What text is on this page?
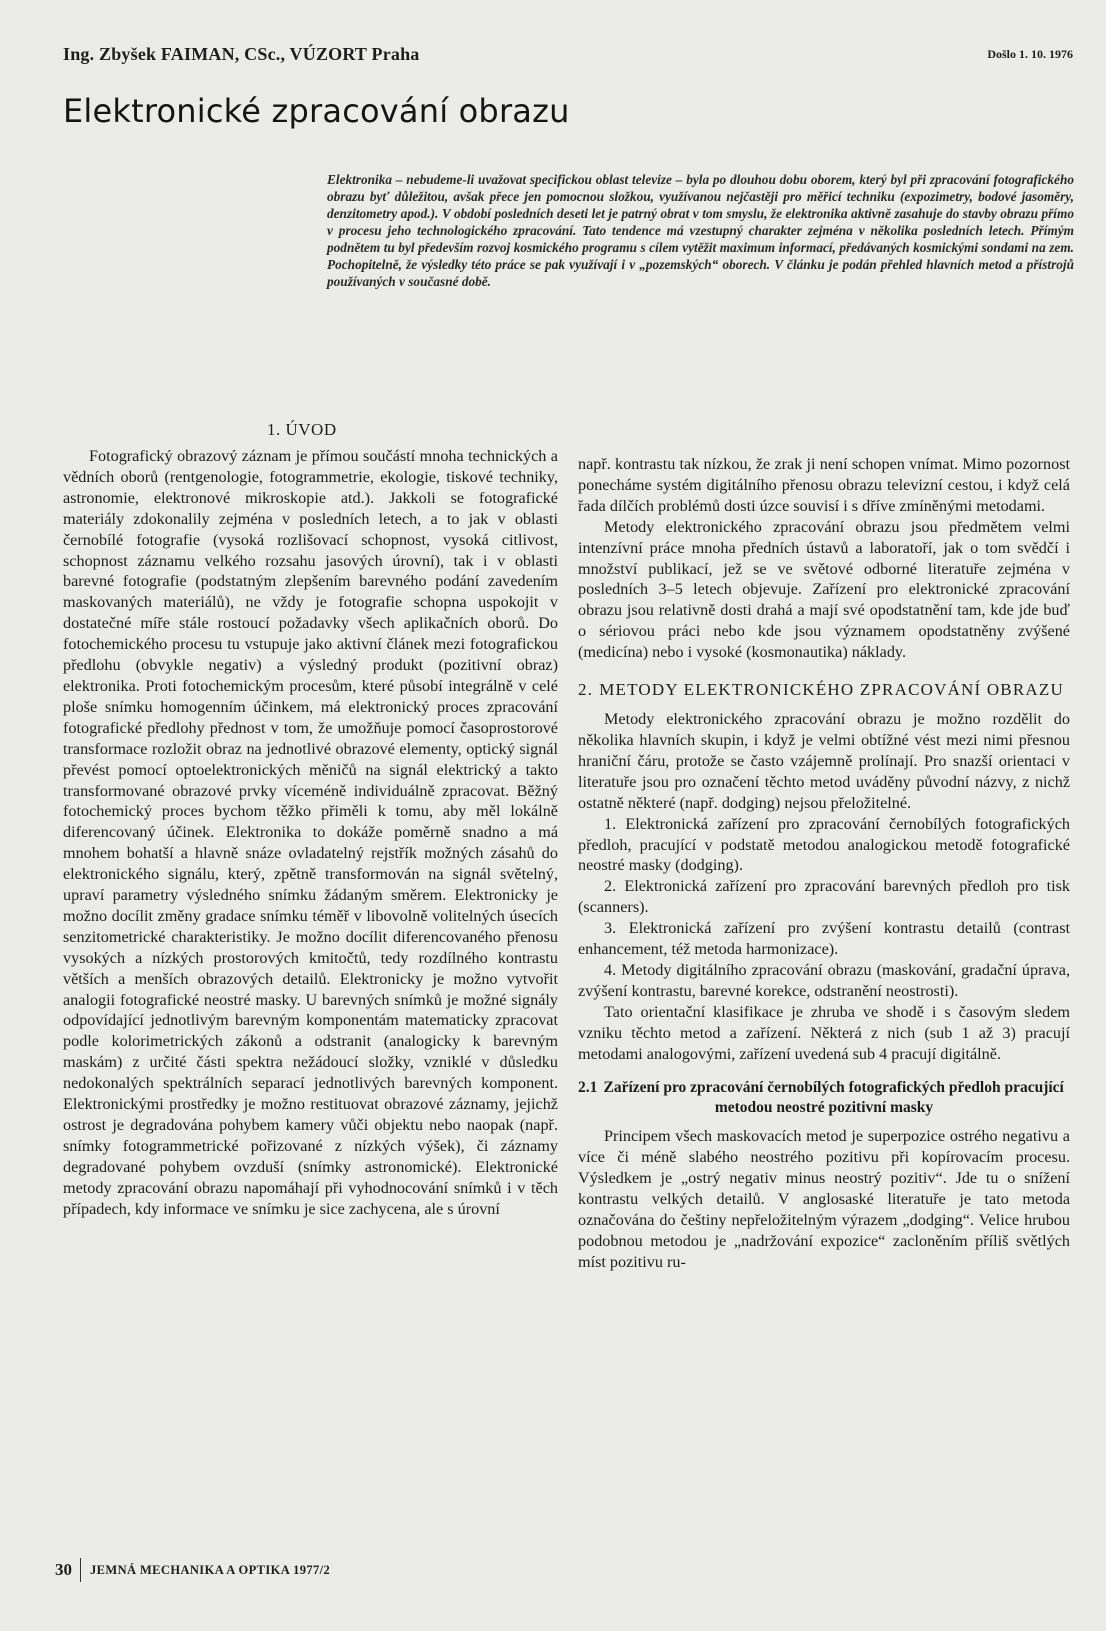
Ing. Zbyšek FAIMAN, CSc., VÚZORT Praha	Došlo 1. 10. 1976
Elektronické zpracování obrazu

Elektronika – nebudeme-li uvažovat specifickou oblast televize – byla po dlouhou dobu oborem, který byl při zpracování fotografického obrazu byť důležitou, avšak přece jen pomocnou složkou, využívanou nejčastěji pro měřicí techniku (expozimetry, bodové jasoměry, denzitometry apod.). V období posledních deseti let je patrný obrat v tom smyslu, že elektronika aktivně zasahuje do stavby obrazu přímo v procesu jeho technologického zpracování. Tato tendence má vzestupný charakter zejména v několika posledních letech. Přímým podnětem tu byl především rozvoj kosmického programu s cílem vytěžit maximum informací, předávaných kosmickými sondami na zem. Pochopitelně, že výsledky této práce se pak využívají i v „pozemských“ oborech. V článku je podán přehled hlavních metod a přístrojů používaných v současné době.

1. ÚVOD

Fotografický obrazový záznam je přímou součástí mnoha technických a vědních oborů (rentgenologie, fotogrammetrie, ekologie, tiskové techniky, astronomie, elektronové mikroskopie atd.). Jakkoli se fotografické materiály zdokonalily zejména v posledních letech, a to jak v oblasti černobílé fotografie (vysoká rozlišovací schopnost, vysoká citlivost, schopnost záznamu velkého rozsahu jasových úrovní), tak i v oblasti barevné fotografie (podstatným zlepšením barevného podání zavedením maskovaných materiálů), ne vždy je fotografie schopna uspokojit v dostatečné míře stále rostoucí požadavky všech aplikačních oborů. Do fotochemického procesu tu vstupuje jako aktivní článek mezi fotografickou předlohu (obvykle negativ) a výsledný produkt (pozitivní obraz) elektronika. Proti fotochemickým procesům, které působí integrálně v celé ploše snímku homogenním účinkem, má elektronický proces zpracování fotografické předlohy přednost v tom, že umožňuje pomocí časoprostorové transformace rozložit obraz na jednotlivé obrazové elementy, optický signál převést pomocí optoelektronických měničů na signál elektrický a takto transformované obrazové prvky víceméně individuálně zpracovat. Běžný fotochemický proces bychom těžko přiměli k tomu, aby měl lokálně diferencovaný účinek. Elektronika to dokáže poměrně snadno a má mnohem bohatší a hlavně snáze ovladatelný rejstřík možných zásahů do elektronického signálu, který, zpětně transformován na signál světelný, upraví parametry výsledného snímku žádaným směrem. Elektronicky je možno docílit změny gradace snímku téměř v libovolně volitelných úsecích senzitometrické charakteristiky. Je možno docílit diferencovaného přenosu vysokých a nízkých prostorových kmitočtů, tedy rozdílného kontrastu větších a menších obrazových detailů. Elektronicky je možno vytvořit analogii fotografické neostré masky. U barevných snímků je možné signály odpovídající jednotlivým barevným komponentám matematicky zpracovat podle kolorimetrických zákonů a odstranit (analogicky k barevným maskám) z určité části spektra nežádoucí složky, vzniklé v důsledku nedokonalých spektrálních separací jednotlivých barevných komponent. Elektronickými prostředky je možno restituovat obrazové záznamy, jejichž ostrost je degradována pohybem kamery vůči objektu nebo naopak (např. snímky fotogrammetrické pořizované z nízkých výšek), či záznamy degradované pohybem ovzduší (snímky astronomické). Elektronické metody zpracování obrazu napomáhají při vyhodnocování snímků i v těch případech, kdy informace ve snímku je sice zachycena, ale s úrovní

např. kontrastu tak nízkou, že zrak ji není schopen vnímat. Mimo pozornost ponecháme systém digitálního přenosu obrazu televizní cestou, i když celá řada dílčích problémů dosti úzce souvisí i s dříve zmíněnými metodami.

Metody elektronického zpracování obrazu jsou předmětem velmi intenzívní práce mnoha předních ústavů a laboratoří, jak o tom svědčí i množství publikací, jež se ve světové odborné literatuře zejména v posledních 3–5 letech objevuje. Zařízení pro elektronické zpracování obrazu jsou relativně dosti drahá a mají své opodstatnění tam, kde jde buď o sériovou práci nebo kde jsou významem opodstatněny zvýšené (medicína) nebo i vysoké (kosmonautika) náklady.

2. METODY ELEKTRONICKÉHO ZPRACOVÁNÍ OBRAZU

Metody elektronického zpracování obrazu je možno rozdělit do několika hlavních skupin, i když je velmi obtížné vést mezi nimi přesnou hraniční čáru, protože se často vzájemně prolínají. Pro snazší orientaci v literatuře jsou pro označení těchto metod uváděny původní názvy, z nichž ostatně některé (např. dodging) nejsou přeložitelné.

1. Elektronická zařízení pro zpracování černobílých fotografických předloh, pracující v podstatě metodou analogickou metodě fotografické neostré masky (dodging).

2. Elektronická zařízení pro zpracování barevných předloh pro tisk (scanners).

3. Elektronická zařízení pro zvýšení kontrastu detailů (contrast enhancement, též metoda harmonizace).

4. Metody digitálního zpracování obrazu (maskování, gradační úprava, zvýšení kontrastu, barevné korekce, odstranění neostrosti).

Tato orientační klasifikace je zhruba ve shodě i s časovým sledem vzniku těchto metod a zařízení. Některá z nich (sub 1 až 3) pracují metodami analogovými, zařízení uvedená sub 4 pracují digitálně.

2.1 Zařízení pro zpracování černobílých fotografických předloh pracující metodou neostré pozitivní masky

Principem všech maskovacích metod je superpozice ostrého negativu a více či méně slabého neostrého pozitivu při kopírovacím procesu. Výsledkem je „ostrý negativ minus neostrý pozitiv“. Jde tu o snížení kontrastu velkých detailů. V anglosaské literatuře je tato metoda označována do češtiny nepřeložitelným výrazem „dodging“. Velice hrubou podobnou metodou je „nadržování expozice“ zacloněním příliš světlých míst pozitivu ru-

30 JEMNÁ MECHANIKA A OPTIKA 1977/2
